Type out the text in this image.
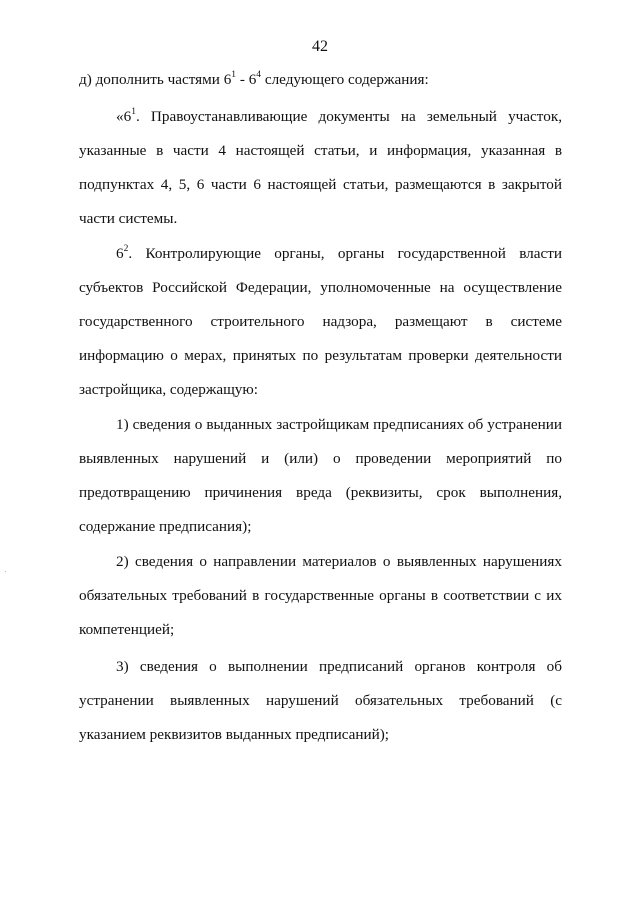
42
д) дополнить частями $6^1 - 6^4$ следующего содержания:
«$6^1$. Правоустанавливающие документы на земельный участок,
указанные в части 4 настоящей статьи, и информация, указанная в
подпунктах 4, 5, 6 части 6 настоящей статьи, размещаются в закрытой
части системы.
$6^2$. Контролирующие органы, органы государственной власти
субъектов Российской Федерации, уполномоченные на осуществление
государственного строительного надзора, размещают в системе
информацию о мерах, принятых по результатам проверки деятельности
застройщика, содержащую:
1) сведения о выданных застройщикам предписаниях об устранении
выявленных нарушений и (или) о проведении мероприятий по
предотвращению причинения вреда (реквизиты, срок выполнения,
содержание предписания);
2) сведения о направлении материалов о выявленных нарушениях
обязательных требований в государственные органы в соответствии с их
компетенцией;
3) сведения о выполнении предписаний органов контроля об
устранении выявленных нарушений обязательных требований (с
указанием реквизитов выданных предписаний);
